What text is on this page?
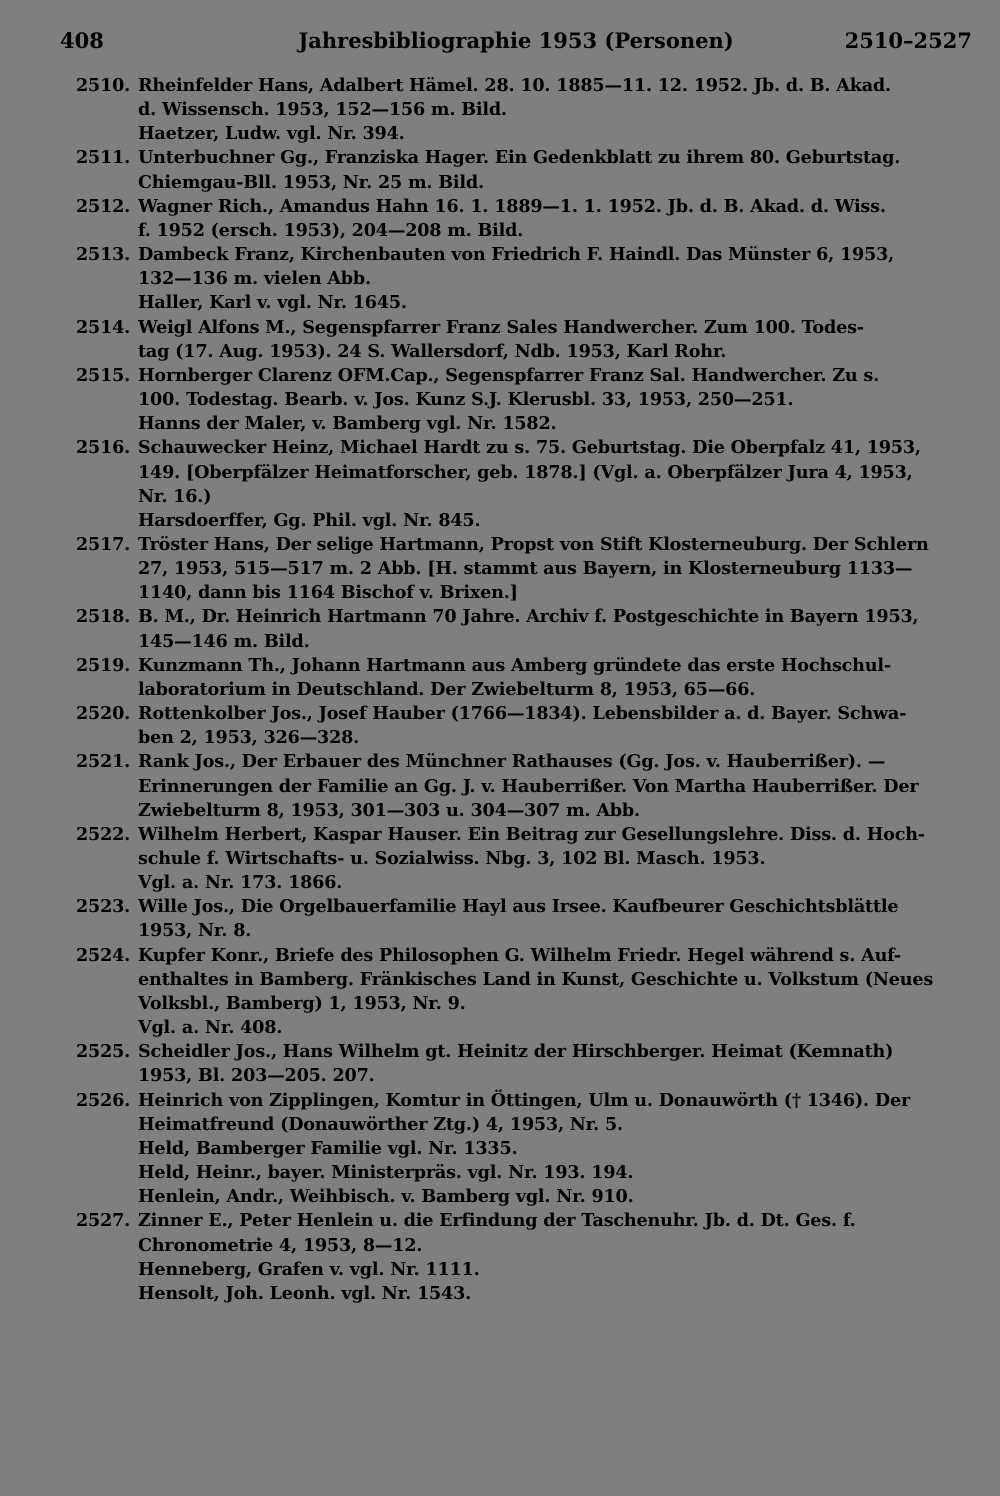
408	Jahresbibliographie 1953 (Personen)	2510–2527
2510. Rheinfelder Hans, Adalbert Hämel. 28. 10. 1885—11. 12. 1952. Jb. d. B. Akad.
d. Wissensch. 1953, 152—156 m. Bild.
Haetzer, Ludw. vgl. Nr. 394.
2511. Unterbuchner Gg., Franziska Hager. Ein Gedenkblatt zu ihrem 80. Geburtstag.
Chiemgau-Bll. 1953, Nr. 25 m. Bild.
2512. Wagner Rich., Amandus Hahn 16. 1. 1889—1. 1. 1952. Jb. d. B. Akad. d. Wiss.
f. 1952 (ersch. 1953), 204—208 m. Bild.
2513. Dambeck Franz, Kirchenbauten von Friedrich F. Haindl. Das Münster 6, 1953,
132—136 m. vielen Abb.
Haller, Karl v. vgl. Nr. 1645.
2514. Weigl Alfons M., Segenspfarrer Franz Sales Handwercher. Zum 100. Todes-
tag (17. Aug. 1953). 24 S. Wallersdorf, Ndb. 1953, Karl Rohr.
2515. Hornberger Clarenz OFM.Cap., Segenspfarrer Franz Sal. Handwercher. Zu s.
100. Todestag. Bearb. v. Jos. Kunz S.J. Klerusbl. 33, 1953, 250—251.
Hanns der Maler, v. Bamberg vgl. Nr. 1582.
2516. Schauwecker Heinz, Michael Hardt zu s. 75. Geburtstag. Die Oberpfalz 41, 1953,
149. [Oberpfälzer Heimatforscher, geb. 1878.] (Vgl. a. Oberpfälzer Jura 4, 1953,
Nr. 16.)
Harsdoerffer, Gg. Phil. vgl. Nr. 845.
2517. Tröster Hans, Der selige Hartmann, Propst von Stift Klosterneuburg. Der Schlern
27, 1953, 515—517 m. 2 Abb. [H. stammt aus Bayern, in Klosterneuburg 1133—
1140, dann bis 1164 Bischof v. Brixen.]
2518. B. M., Dr. Heinrich Hartmann 70 Jahre. Archiv f. Postgeschichte in Bayern 1953,
145—146 m. Bild.
2519. Kunzmann Th., Johann Hartmann aus Amberg gründete das erste Hochschul-
laboratorium in Deutschland. Der Zwiebelturm 8, 1953, 65—66.
2520. Rottenkolber Jos., Josef Hauber (1766—1834). Lebensbilder a. d. Bayer. Schwa-
ben 2, 1953, 326—328.
2521. Rank Jos., Der Erbauer des Münchner Rathauses (Gg. Jos. v. Hauberrißer). —
Erinnerungen der Familie an Gg. J. v. Hauberrißer. Von Martha Hauberrißer. Der
Zwiebelturm 8, 1953, 301—303 u. 304—307 m. Abb.
2522. Wilhelm Herbert, Kaspar Hauser. Ein Beitrag zur Gesellungslehre. Diss. d. Hoch-
schule f. Wirtschafts- u. Sozialwiss. Nbg. 3, 102 Bl. Masch. 1953.
Vgl. a. Nr. 173. 1866.
2523. Wille Jos., Die Orgelbauerfamilie Hayl aus Irsee. Kaufbeurer Geschichtsblättle
1953, Nr. 8.
2524. Kupfer Konr., Briefe des Philosophen G. Wilhelm Friedr. Hegel während s. Auf-
enthaltes in Bamberg. Fränkisches Land in Kunst, Geschichte u. Volkstum (Neues
Volksbl., Bamberg) 1, 1953, Nr. 9.
Vgl. a. Nr. 408.
2525. Scheidler Jos., Hans Wilhelm gt. Heinitz der Hirschberger. Heimat (Kemnath)
1953, Bl. 203—205. 207.
2526. Heinrich von Zipplingen, Komtur in Öttingen, Ulm u. Donauwörth († 1346). Der
Heimatfreund (Donauwörther Ztg.) 4, 1953, Nr. 5.
Held, Bamberger Familie vgl. Nr. 1335.
Held, Heinr., bayer. Ministerpräs. vgl. Nr. 193. 194.
Henlein, Andr., Weihbisch. v. Bamberg vgl. Nr. 910.
2527. Zinner E., Peter Henlein u. die Erfindung der Taschenuhr. Jb. d. Dt. Ges. f.
Chronometrie 4, 1953, 8—12.
Henneberg, Grafen v. vgl. Nr. 1111.
Hensolt, Joh. Leonh. vgl. Nr. 1543.
